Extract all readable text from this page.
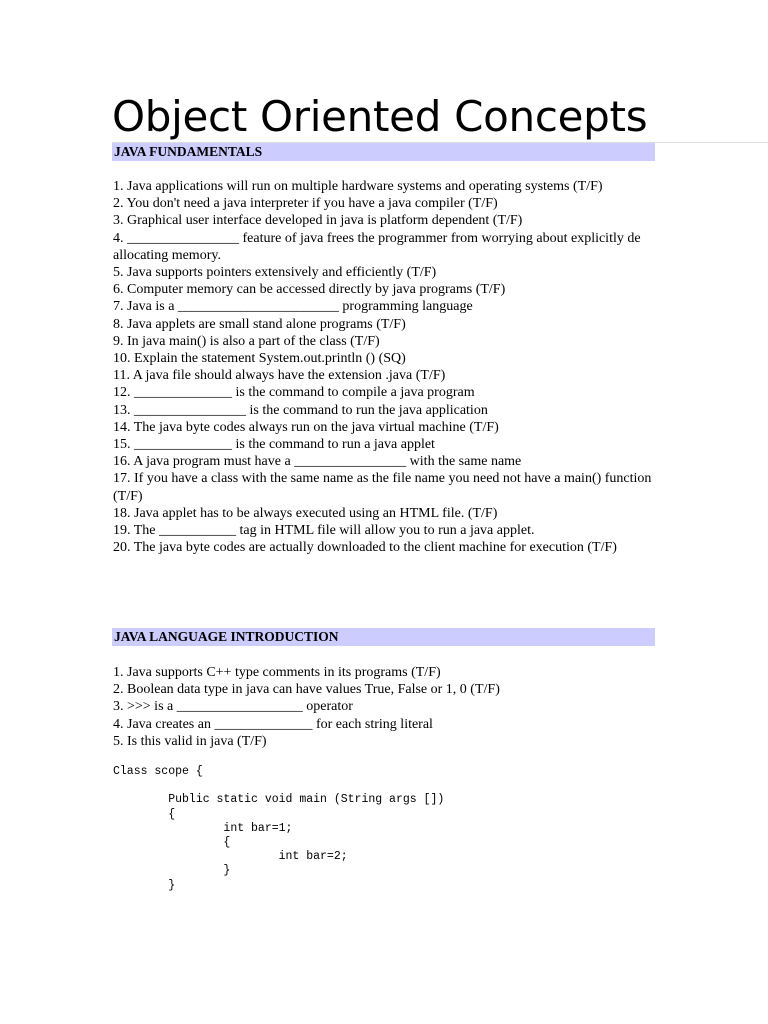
Object Oriented Concepts
JAVA FUNDAMENTALS
1. Java applications will run on multiple hardware systems and operating systems (T/F)
2. You don't need a java interpreter if you have a java compiler (T/F)
3. Graphical user interface developed in java is platform dependent (T/F)
4. ________________ feature of java frees the programmer from worrying about explicitly de allocating memory.
5. Java supports pointers extensively and efficiently (T/F)
6. Computer memory can be accessed directly by java programs (T/F)
7. Java is a _______________________ programming language
8. Java applets are small stand alone programs (T/F)
9. In java main() is also a part of the class (T/F)
10. Explain the statement System.out.println () (SQ)
11. A java file should always have the extension .java (T/F)
12. ______________ is the command to compile a java program
13. ________________ is the command to run the java application
14. The java byte codes always run on the java virtual machine (T/F)
15. ______________ is the command to run a java applet
16. A java program must have a ________________ with the same name
17. If you have a class with the same name as the file name you need not have a main() function (T/F)
18. Java applet has to be always executed using an HTML file. (T/F)
19. The ___________ tag in HTML file will allow you to run a java applet.
20. The java byte codes are actually downloaded to the client machine for execution (T/F)
JAVA LANGUAGE INTRODUCTION
1. Java supports C++ type comments in its programs (T/F)
2. Boolean data type in java can have values True, False or 1, 0 (T/F)
3. >>> is a __________________ operator
4. Java creates an ______________ for each string literal
5. Is this valid in java (T/F)
Class scope {

Public static void main (String args [])
{
int bar=1;
{
int bar=2;
}
}
